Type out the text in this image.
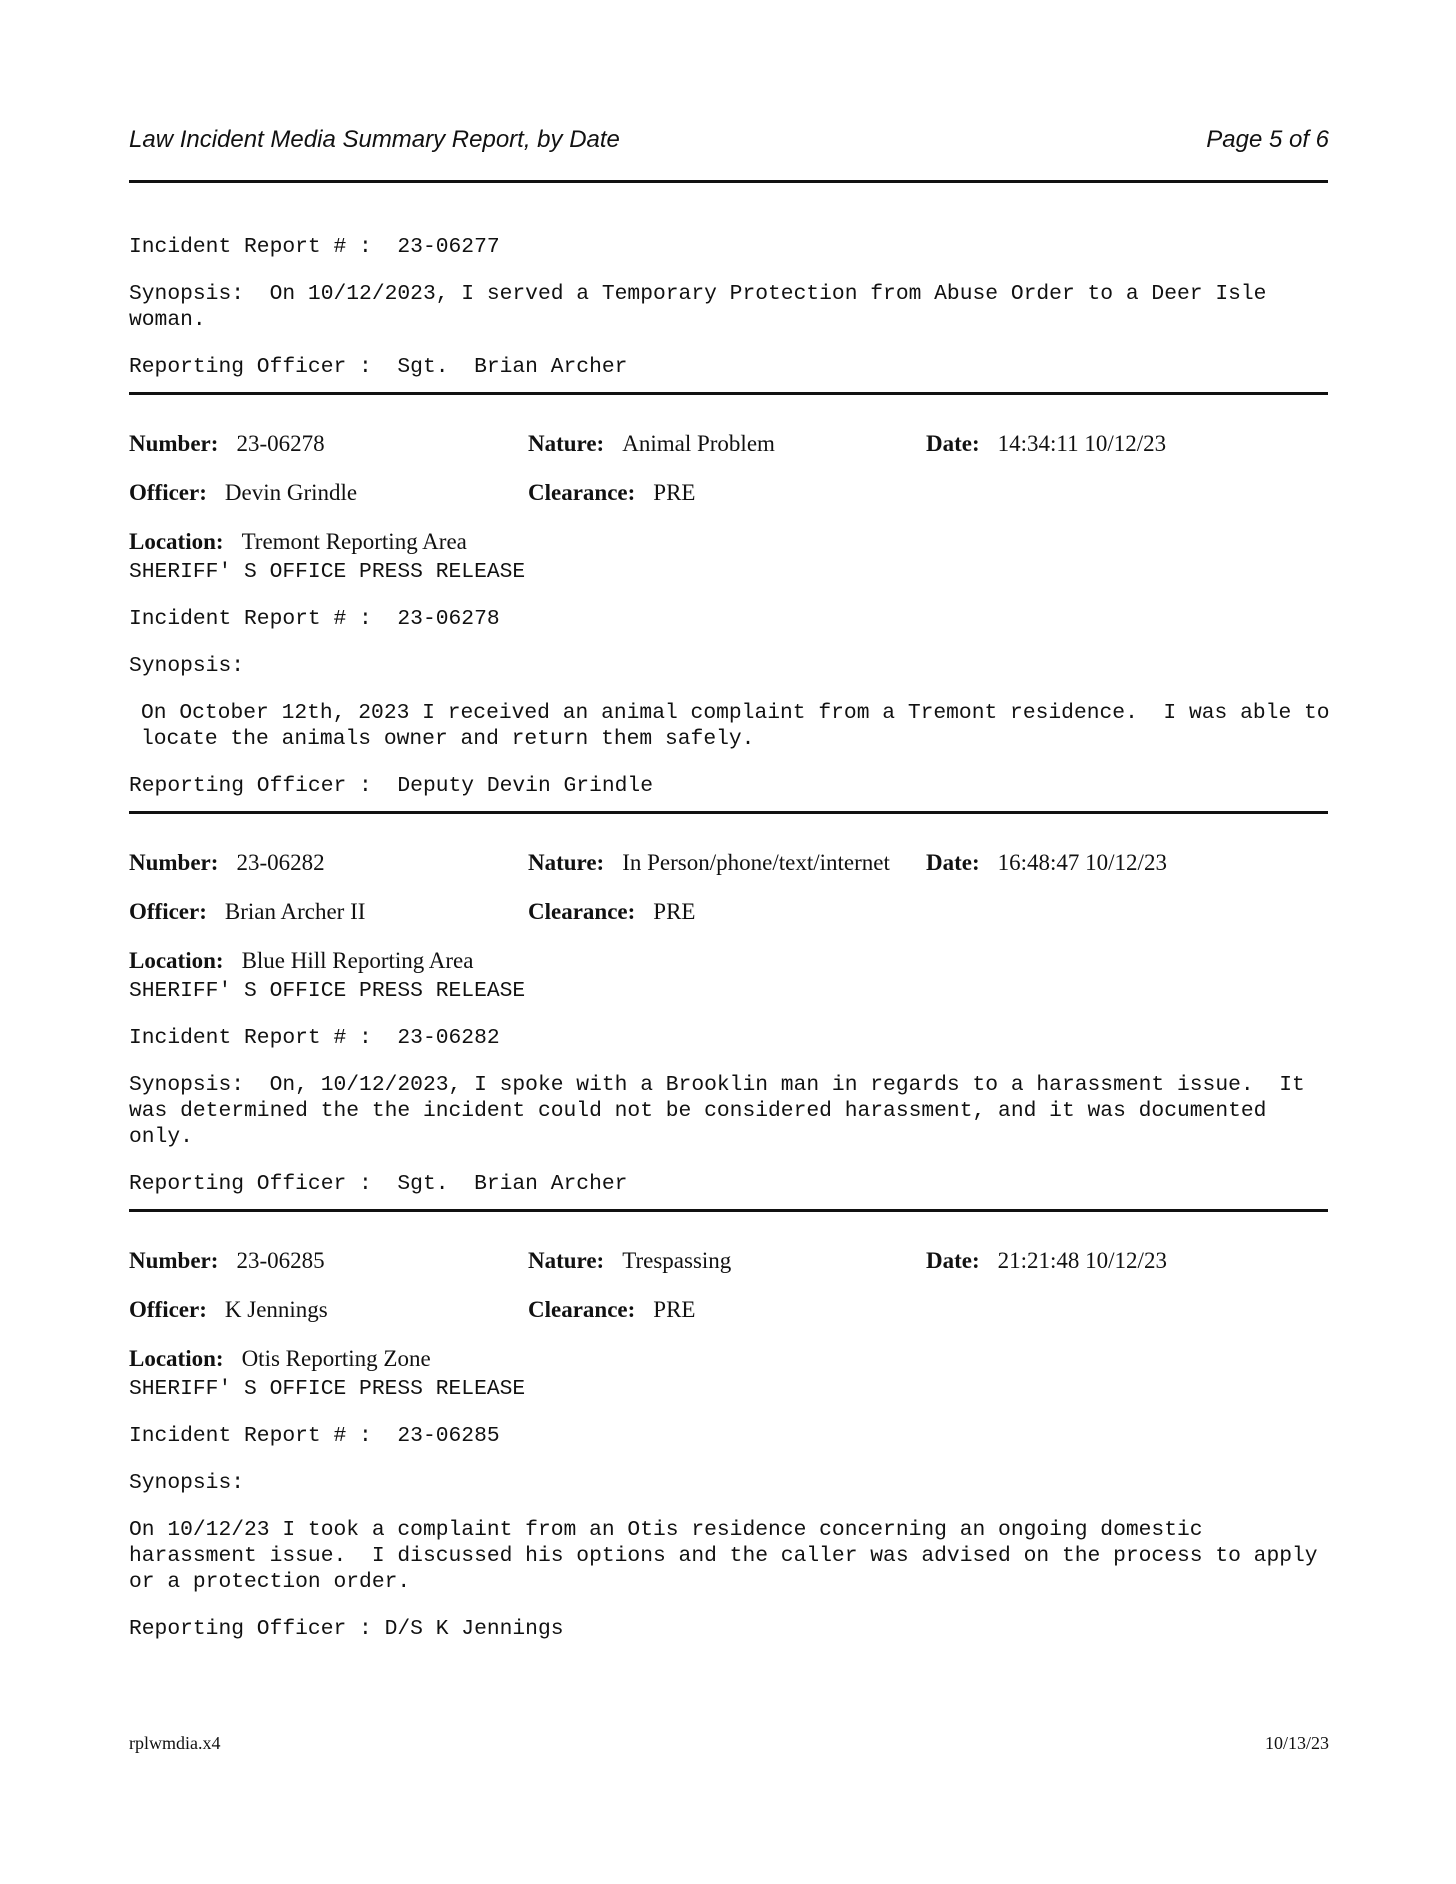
Law Incident Media Summary Report, by Date	Page 5 of 6
Incident Report # :  23-06277
Synopsis:  On 10/12/2023, I served a Temporary Protection from Abuse Order to a Deer Isle woman.
Reporting Officer :  Sgt.  Brian Archer
Number: 23-06278	Nature: Animal Problem	Date: 14:34:11 10/12/23
Officer: Devin Grindle	Clearance: PRE
Location: Tremont Reporting Area
SHERIFF' S OFFICE PRESS RELEASE
Incident Report # :  23-06278
Synopsis:
On October 12th, 2023 I received an animal complaint from a Tremont residence.  I was able to locate the animals owner and return them safely.
Reporting Officer :  Deputy Devin Grindle
Number: 23-06282	Nature: In Person/phone/text/internet Date: 16:48:47 10/12/23
Officer: Brian Archer II	Clearance: PRE
Location: Blue Hill Reporting Area
SHERIFF' S OFFICE PRESS RELEASE
Incident Report # :  23-06282
Synopsis:  On, 10/12/2023, I spoke with a Brooklin man in regards to a harassment issue.  It was determined the the incident could not be considered harassment, and it was documented only.
Reporting Officer :  Sgt.  Brian Archer
Number: 23-06285	Nature: Trespassing	Date: 21:21:48 10/12/23
Officer: K Jennings	Clearance: PRE
Location: Otis Reporting Zone
SHERIFF' S OFFICE PRESS RELEASE
Incident Report # :  23-06285
Synopsis:
On 10/12/23 I took a complaint from an Otis residence concerning an ongoing domestic harassment issue.  I discussed his options and the caller was advised on the process to apply or a protection order.
Reporting Officer : D/S K Jennings
rplwmdia.x4	10/13/23
